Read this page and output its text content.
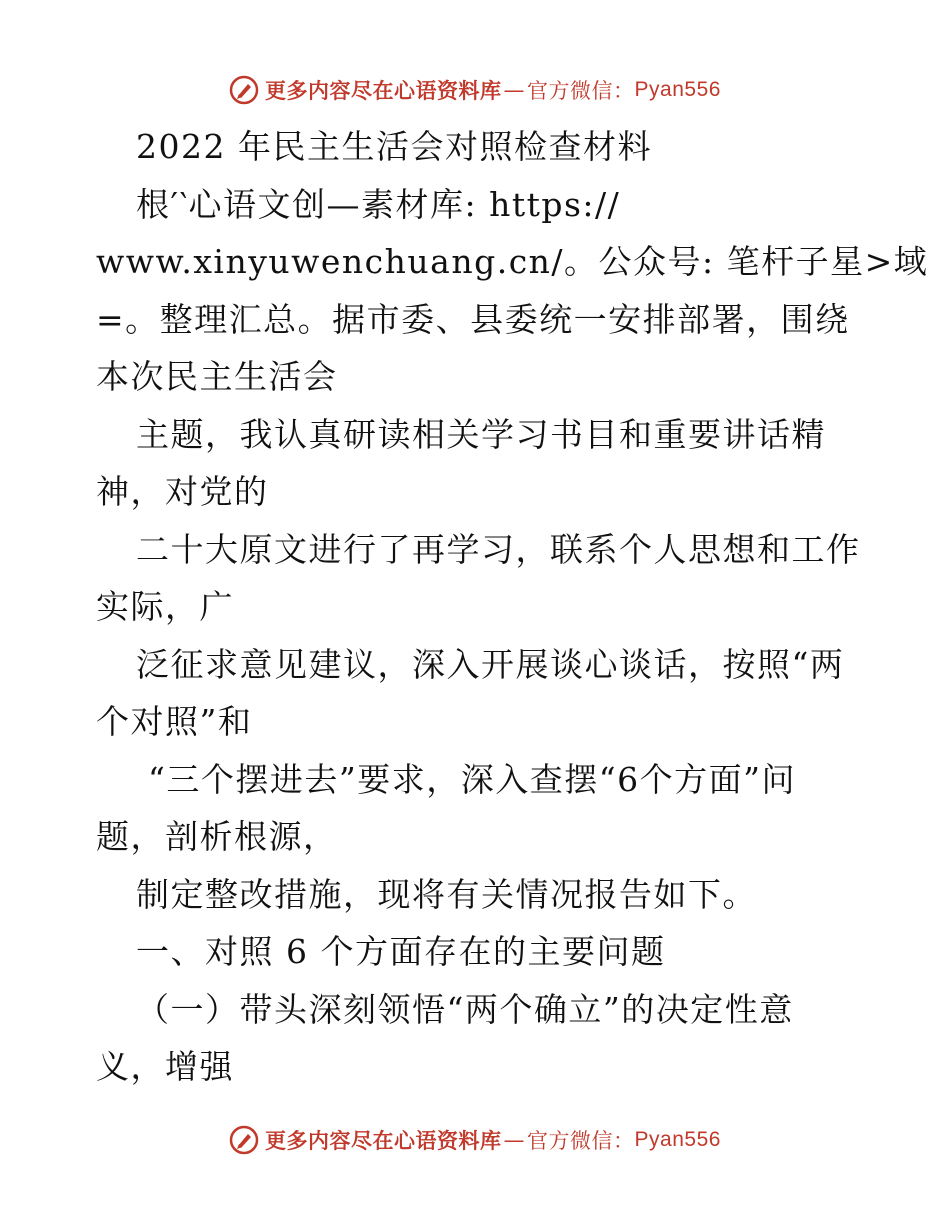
更多内容尽在心语资料库 — 官方微信： Pyan556

2022 年民主生活会对照检查材料

根′‵心语文创—素材库: https://

www.xinyuwenchuang.cn/。公众号: 笔杆子星>域

=。整理汇总。据市委、县委统一安排部署，围绕

本次民主生活会

主题，我认真研读相关学习书目和重要讲话精

神，对党的

二十大原文进行了再学习，联系个人思想和工作

实际，广

泛征求意见建议，深入开展谈心谈话，按照“两

个对照”和

“三个摆进去”要求，深入查摆“6个方面”问

题，剖析根源，

制定整改措施，现将有关情况报告如下。

一、对照 6 个方面存在的主要问题

（一）带头深刻领悟“两个确立”的决定性意

义，增强

更多内容尽在心语资料库 — 官方微信： Pyan556
